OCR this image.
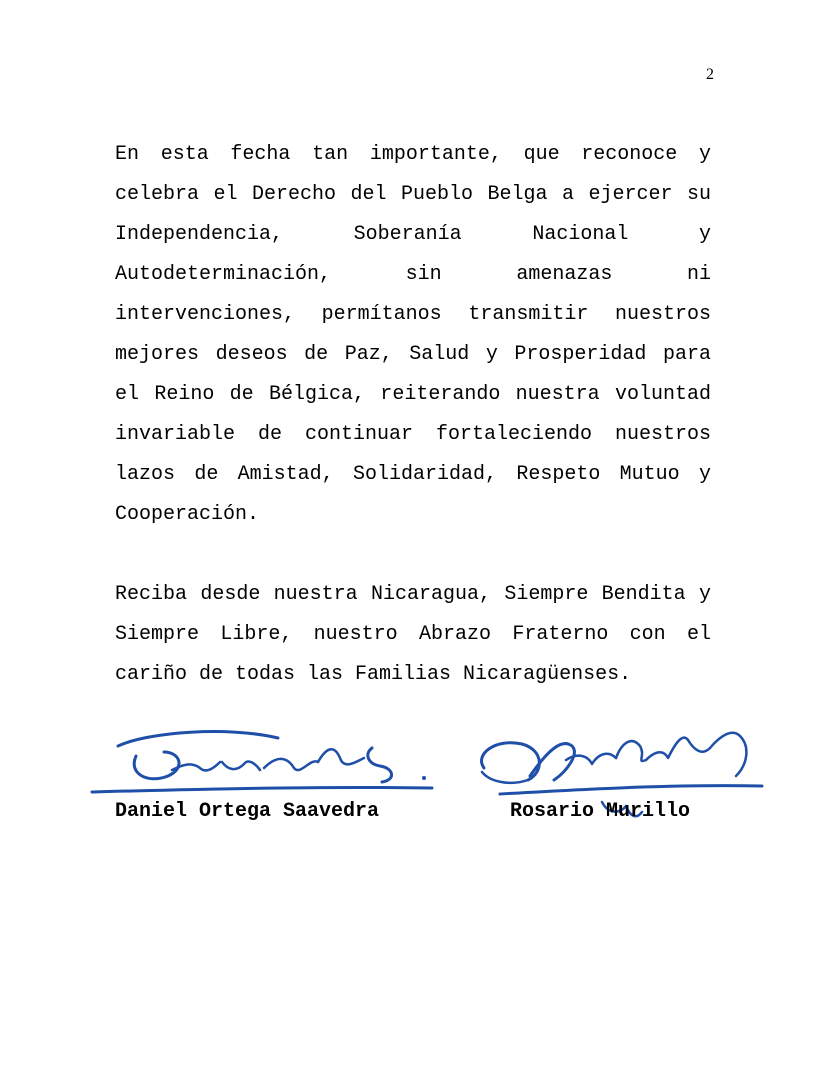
2

En esta fecha tan importante, que reconoce y celebra el Derecho del Pueblo Belga a ejercer su Independencia, Soberanía Nacional y Autodeterminación, sin amenazas ni intervenciones, permítanos transmitir nuestros mejores deseos de Paz, Salud y Prosperidad para el Reino de Bélgica, reiterando nuestra voluntad invariable de continuar fortaleciendo nuestros lazos de Amistad, Solidaridad, Respeto Mutuo y Cooperación.

Reciba desde nuestra Nicaragua, Siempre Bendita y Siempre Libre, nuestro Abrazo Fraterno con el cariño de todas las Familias Nicaragüenses.

Daniel Ortega Saavedra	Rosario Murillo
